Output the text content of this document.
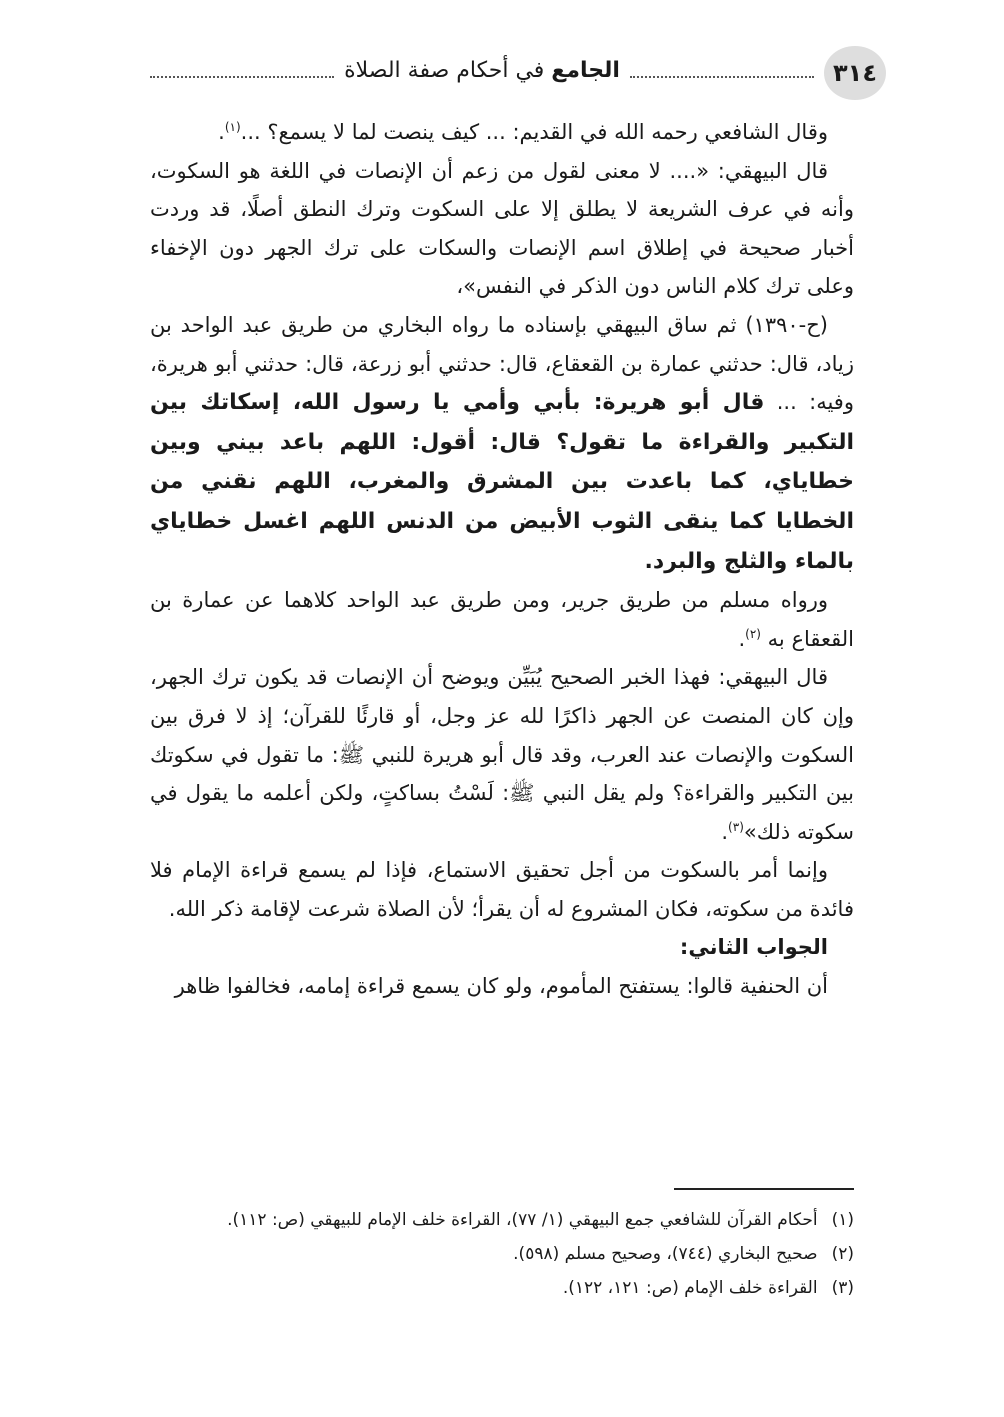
٣١٤
الجامع ﻓﻲ أحكام صفة الصلاة

وقال الشافعي رحمه الله في القديم: ... كيف ينصت لما لا يسمع؟ ...$^{(١)}$.

قال البيهقي: «.... لا معنى لقول من زعم أن الإنصات في اللغة هو السكوت، وأنه في عرف الشريعة لا يطلق إلا على السكوت وترك النطق أصلًا، قد وردت أخبار صحيحة في إطلاق اسم الإنصات والسكات على ترك الجهر دون الإخفاء وعلى ترك كلام الناس دون الذكر في النفس»،

(ح-١٣٩٠) ثم ساق البيهقي بإسناده ما رواه البخاري من طريق عبد الواحد بن زياد، قال: حدثني عمارة بن القعقاع، قال: حدثني أبو زرعة، قال: حدثني أبو هريرة، وفيه: ... قال أبو هريرة: بأبي وأمي يا رسول الله، إسكاتك بين التكبير والقراءة ما تقول؟ قال: أقول: اللهم باعد بيني وبين خطاياي، كما باعدت بين المشرق والمغرب، اللهم نقني من الخطايا كما ينقى الثوب الأبيض من الدنس اللهم اغسل خطاياي بالماء والثلج والبرد.

ورواه مسلم من طريق جرير، ومن طريق عبد الواحد كلاهما عن عمارة بن القعقاع به $^{(٢)}$.

قال البيهقي: فهذا الخبر الصحيح يُبَيِّن ويوضح أن الإنصات قد يكون ترك الجهر، وإن كان المنصت عن الجهر ذاكرًا لله عز وجل، أو قارئًا للقرآن؛ إذ لا فرق بين السكوت والإنصات عند العرب، وقد قال أبو هريرة للنبي ﷺ: ما تقول في سكوتك بين التكبير والقراءة؟ ولم يقل النبي ﷺ: لَسْتُ بساكتٍ، ولكن أعلمه ما يقول في سكوته ذلك»$^{(٣)}$.

وإنما أمر بالسكوت من أجل تحقيق الاستماع، فإذا لم يسمع قراءة الإمام فلا فائدة من سكوته، فكان المشروع له أن يقرأ؛ لأن الصلاة شرعت لإقامة ذكر الله.

الجواب الثاني:

أن الحنفية قالوا: يستفتح المأموم، ولو كان يسمع قراءة إمامه، فخالفوا ظاهر

(١)
أحكام القرآن للشافعي جمع البيهقي (١/ ٧٧)، القراءة خلف الإمام للبيهقي (ص: ١١٢).
(٢)
صحيح البخاري (٧٤٤)، وصحيح مسلم (٥٩٨).
(٣)
القراءة خلف الإمام (ص: ١٢١، ١٢٢).
